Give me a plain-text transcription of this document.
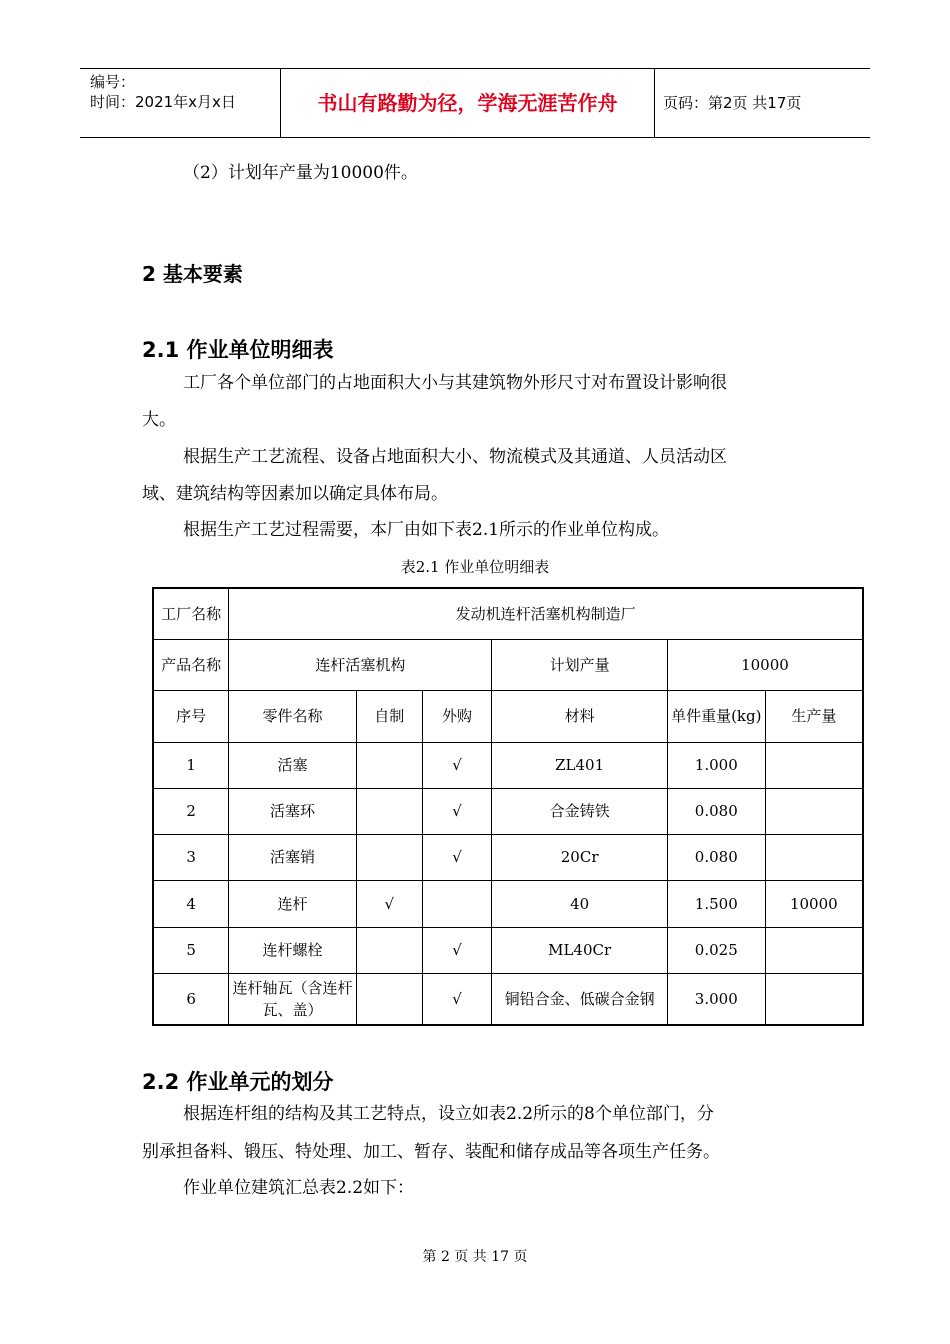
编号：
时间：2021年x月x日	书山有路勤为径，学海无涯苦作舟	页码：第2页 共17页
（2）计划年产量为10000件。
2 基本要素
2.1 作业单位明细表
工厂各个单位部门的占地面积大小与其建筑物外形尺寸对布置设计影响很
大。
根据生产工艺流程、设备占地面积大小、物流模式及其通道、人员活动区
域、建筑结构等因素加以确定具体布局。
根据生产工艺过程需要，本厂由如下表2.1所示的作业单位构成。
表2.1 作业单位明细表
工厂名称	发动机连杆活塞机构制造厂					
产品名称	连杆活塞机构			计划产量	10000	
序号	零件名称	自制	外购	材料	单件重量(kg)	生产量
1	活塞		√	ZL401	1.000	
2	活塞环		√	合金铸铁	0.080	
3	活塞销		√	20Cr	0.080	
4	连杆	√		40	1.500	10000
5	连杆螺栓		√	ML40Cr	0.025	
6	连杆轴瓦（含连杆瓦、盖）		√	铜铅合金、低碳合金钢	3.000	
2.2 作业单元的划分
根据连杆组的结构及其工艺特点，设立如表2.2所示的8个单位部门，分
别承担备料、锻压、特处理、加工、暂存、装配和储存成品等各项生产任务。
作业单位建筑汇总表2.2如下：
第 2 页 共 17 页
